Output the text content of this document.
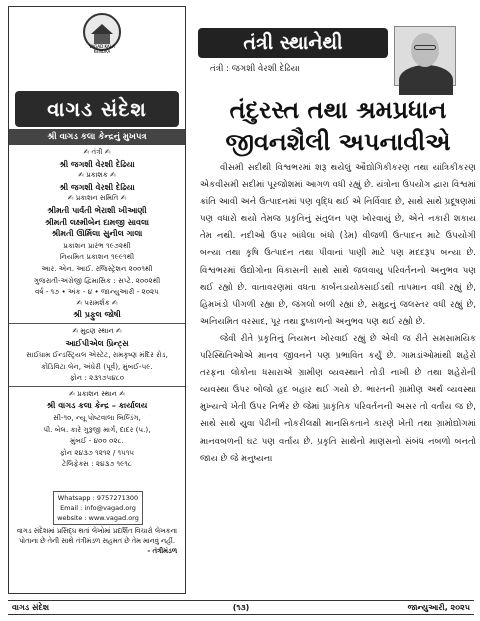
VAGAD KALA KENDRA
વાગડ સંદેશ
શ્રી વાગડ કલા કેન્દ્રનું મુખપત્ર
✍ તંત્રી ✍
શ્રી જગશી વેરશી દેઢિયા
✍ પ્રકાશક ✍
શ્રી જગશી વેરશી દેઢિયા
✍ પ્રકાશન સમિતિ ✍
શ્રીમતી પાર્વતી ભેરાશી ખીઆણી
શ્રીમતી લક્ષ્મીબેન દામજી સાવલા
શ્રીમતી ઊર્મિલા સુનીલ ગાલા
પ્રકાશન પ્રારંભ ૧૯૭૨થી
નિયમિત પ્રકાશન ૧૯૯૧થી
આર. એન. આઈ. રજિસ્ટ્રેશન ૨૦૦૧થી
ગુજરાતી-અંગ્રેજી દ્વિમાસિક : સપ્ટે. ૨૦૦૨થી
વર્ષ - ૧૭ • અંક - ૪ • જાન્યુઆરી - ૨૦૨૫
✍ પરામર્શક ✍
શ્રી પ્રફુલ જોષી
✍ મુદ્રણ સ્થાન ✍
આઈપીએલ પ્રિન્ટ્સ
સાઈધામ ઈન્ડસ્ટ્રિયલ એસ્ટેટ, રામકૃષ્ણ મંદિર રોડ,
કોંડિવિટા લેન, અંધેરી (પૂર્વ), મુંબઈ-૫૯.
ફોન : ૨૩૧૭૫૪૮૦
✍ પ્રકાશન સ્થાન ✍
શ્રી વાગડ કલા કેન્દ્ર – કાર્યાલય
સી-૧૦, ન્યૂ પોષ્ટવાલા બિલ્ડિંગ,
પી. બેલ. કારે ગુરૂજી માર્ગ, દાદર (પ.),
મુંબઈ - ૪૦૦ ૦૨૮.
ફોન ૨૪૩૭ ૧૨૧૨ / ૧૫૧૫
ટેલિફેક્સ : ૨૪૩૭ ૧૯૧૮
Whatsapp : 9757271300
Email : info@vagad.org
website : www.vagad.org
વાગડ સંદેશમાં પ્રસિદ્ધ થતાં લેખોમાં પ્રદર્શિત વિચારો લેખકના પોતાના છે તેની સાથે તંત્રીમંડળ સહમત છે તેમ માનવું નહીં.
- તંત્રીમંડળ
તંત્રી સ્થાનેથી
તંત્રી : જગશી વેરશી દેઢિયા
તંદુરસ્ત તથા શ્રમપ્રધાન
જીવનશૈલી અપનાવીએ

વીસમી સદીથી વિશ્વભરમાં શરૂ થયેલું ઔદ્યોગિકીકરણ તથા યાંત્રિકીકરણ એકવીસમી સદીમાં પૂરજોશમાં આગળ વધી રહ્યું છે. યંત્રોના ઉપયોગ દ્વારા વિશ્વમાં ક્રાંતિ આવી અને ઉત્પાદનમાં પણ વૃદ્ધિ થઈ એ નિર્વિવાદ છે, સાથે સાથે પ્રદૂષણમાં પણ વધારો થયો તેમજ પ્રકૃતિનું સંતુલન પણ ખોરવાયું છે, એને નકારી શકાય તેમ નથી. નદીઓ ઉપર બાંધેલા બંધો (ડેમ) વીજળી ઉત્પાદન માટે ઉપયોગી બન્યા તથા કૃષિ ઉત્પાદન તથા પીવાનાં પાણી માટે પણ મદદરૂપ બન્યા છે. વિશ્વભરમાં ઉદ્યોગોના વિકાસની સાથે સાથે જલવાયુ પરિવર્તનનો અનુભવ પણ થઈ રહ્યો છે. વાતાવરણમાં વધતા કાર્બનડાયોક્સાઈડથી તાપમાન વધી રહ્યું છે, હિમખંડો પીગળી રહ્યા છે, જંગલો બળી રહ્યાં છે, સમુદ્રનું જલસ્તર વધી રહ્યું છે, અનિયમિત વરસાદ, પૂર તથા દુષ્કાળનો અનુભવ પણ થઈ રહ્યો છે.

જેવી રીતે પ્રકૃતિનું નિયમન ખોરવાઈ રહ્યું છે એવી જ રીતે સમસામયિક પરિસ્થિતિઓએ માનવ જીવનને પણ પ્રભાવિત કર્યું છે. ગામડાંઓમાંથી શહેરો તરફના લોકોના ધસારાએ ગ્રામીણ વ્યવસ્થાને તોડી નાખી છે તથા શહેરોની વ્યવસ્થા ઉપર બોજો હદ બહાર થઈ ગયો છે. ભારતની ગ્રામીણ અર્થ વ્યવસ્થા મુખ્યત્વે ખેતી ઉપર નિર્ભર છે જેમાં પ્રાકૃતિક પરિવર્તનની અસર તો વર્તાય જ છે, સાથે સાથે યુવા પેઢીની નોકરીલક્ષી માનસિકતાને કારણે ખેતી તથા ગ્રામોદ્યોગમાં માનવબળની ઘટ પણ વર્તાય છે. પ્રકૃતિ સાથેનો માણસનો સંબંધ નબળો બનતો જાય છે જે મનુષ્યના

વાગડ સંદેશ	(૧૩)	જાન્યુઆરી, ૨૦૨૫
